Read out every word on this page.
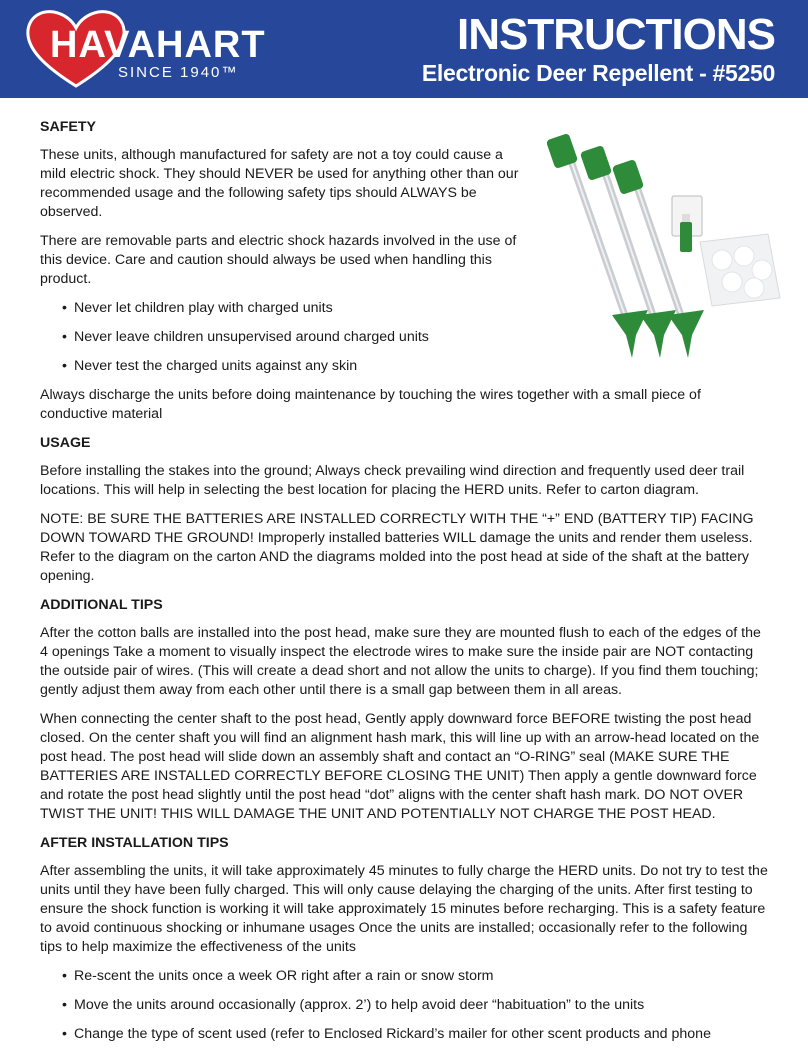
HAVAHART
SINCE 1940™
INSTRUCTIONS
Electronic Deer Repellent - #5250
SAFETY

These units, although manufactured for safety are not a toy could cause a mild electric shock. They should NEVER be used for anything other than our recommended usage and the following safety tips should ALWAYS be observed.

There are removable parts and electric shock hazards involved in the use of this device. Care and caution should always be used when handling this product.

• Never let children play with charged units
• Never leave children unsupervised around charged units
• Never test the charged units against any skin

Always discharge the units before doing maintenance by touching the wires together with a small piece of conductive material

USAGE

Before installing the stakes into the ground; Always check prevailing wind direction and frequently used deer trail locations. This will help in selecting the best location for placing the HERD units. Refer to carton diagram.

NOTE: BE SURE THE BATTERIES ARE INSTALLED CORRECTLY WITH THE “+” END (BATTERY TIP) FACING DOWN TOWARD THE GROUND! Improperly installed batteries WILL damage the units and render them useless. Refer to the diagram on the carton AND the diagrams molded into the post head at side of the shaft at the battery opening.

ADDITIONAL TIPS

After the cotton balls are installed into the post head, make sure they are mounted flush to each of the edges of the 4 openings Take a moment to visually inspect the electrode wires to make sure the inside pair are NOT contacting the outside pair of wires. (This will create a dead short and not allow the units to charge). If you find them touching; gently adjust them away from each other until there is a small gap between them in all areas.

When connecting the center shaft to the post head, Gently apply downward force BEFORE twisting the post head closed. On the center shaft you will find an alignment hash mark, this will line up with an arrow-head located on the post head. The post head will slide down an assembly shaft and contact an “O-RING” seal (MAKE SURE THE BATTERIES ARE INSTALLED CORRECTLY BEFORE CLOSING THE UNIT) Then apply a gentle downward force and rotate the post head slightly until the post head “dot” aligns with the center shaft hash mark. DO NOT OVER TWIST THE UNIT! THIS WILL DAMAGE THE UNIT AND POTENTIALLY NOT CHARGE THE POST HEAD.

AFTER INSTALLATION TIPS

After assembling the units, it will take approximately 45 minutes to fully charge the HERD units. Do not try to test the units until they have been fully charged. This will only cause delaying the charging of the units. After first testing to ensure the shock function is working it will take approximately 15 minutes before recharging. This is a safety feature to avoid continuous shocking or inhumane usages Once the units are installed; occasionally refer to the following tips to help maximize the effectiveness of the units

• Re-scent the units once a week OR right after a rain or snow storm
• Move the units around occasionally (approx. 2’) to help avoid deer “habituation” to the units
• Change the type of scent used (refer to Enclosed Rickard’s mailer for other scent products and phone
